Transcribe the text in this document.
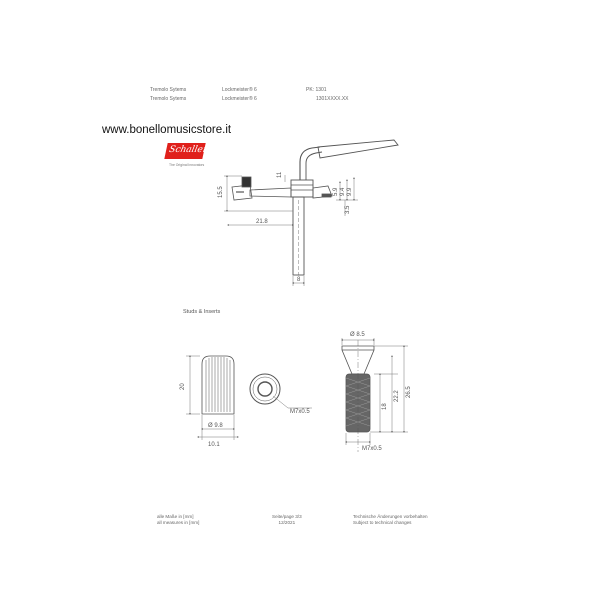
Tremolo Sytems	Lockmeister® 6	PK: 1301
Tremolo Sytems	Lockmeister® 6	1301XXXX.XX
www.bonellomusicstore.it
Schaller
The Original Innovators
Studs & Inserts
alle Maße in [mm]
all measures in [mm]
Seite/page 3/3
12/2021
Technische Änderungen vorbehalten
Subject to technical changes
15.5
21.8
11
3.5
5.9 9.4 9.9
8
20
Ø 9.8
10.1
M7x0.5
Ø 8.5
18
22.2 26.5
M7x0.5
